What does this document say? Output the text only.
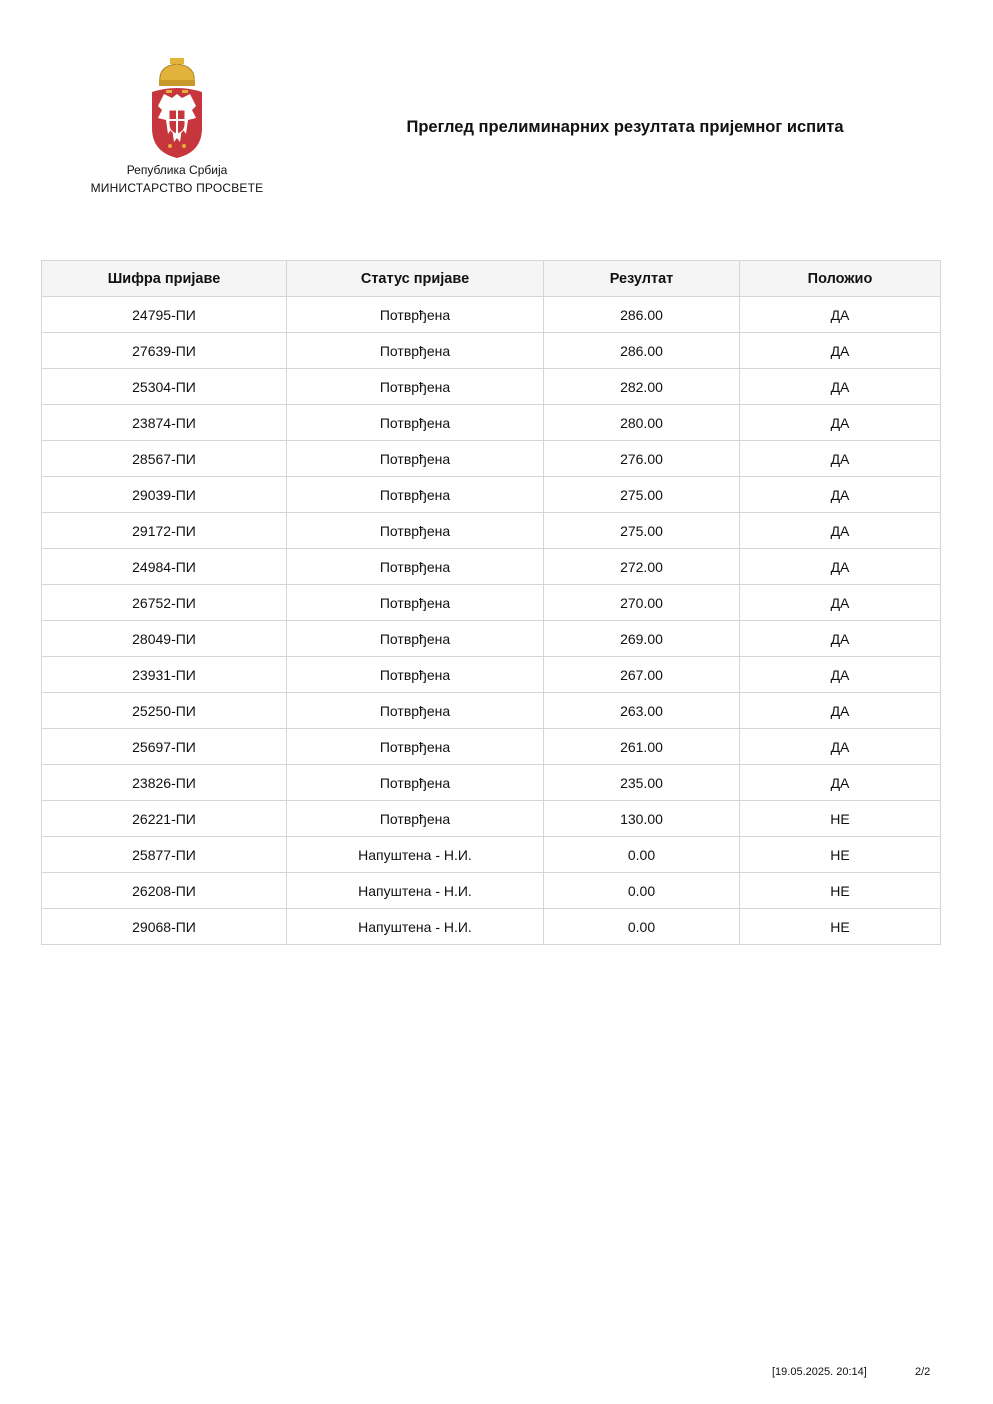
Република Србија
МИНИСТАРСТВО ПРОСВЕТЕ
Преглед прелиминарних резултата пријемног испита
Шифра пријаве	Статус пријаве	Резултат	Положио
24795-ПИ	Потврђена	286.00	ДА
27639-ПИ	Потврђена	286.00	ДА
25304-ПИ	Потврђена	282.00	ДА
23874-ПИ	Потврђена	280.00	ДА
28567-ПИ	Потврђена	276.00	ДА
29039-ПИ	Потврђена	275.00	ДА
29172-ПИ	Потврђена	275.00	ДА
24984-ПИ	Потврђена	272.00	ДА
26752-ПИ	Потврђена	270.00	ДА
28049-ПИ	Потврђена	269.00	ДА
23931-ПИ	Потврђена	267.00	ДА
25250-ПИ	Потврђена	263.00	ДА
25697-ПИ	Потврђена	261.00	ДА
23826-ПИ	Потврђена	235.00	ДА
26221-ПИ	Потврђена	130.00	НЕ
25877-ПИ	Напуштена - Н.И.	0.00	НЕ
26208-ПИ	Напуштена - Н.И.	0.00	НЕ
29068-ПИ	Напуштена - Н.И.	0.00	НЕ
[19.05.2025. 20:14]	2/2
